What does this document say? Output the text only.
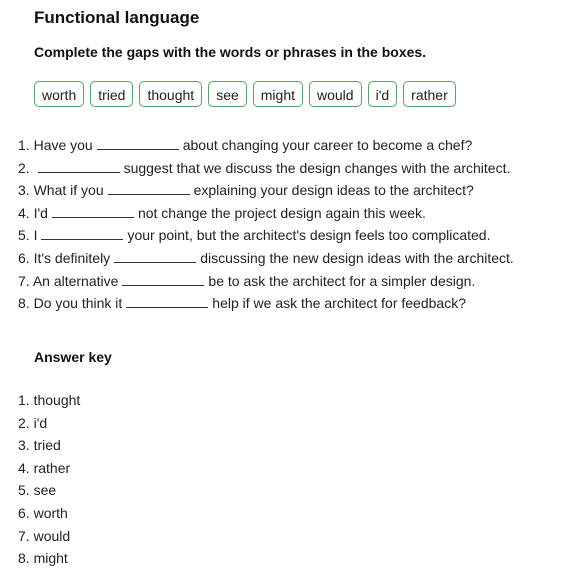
Functional language
Complete the gaps with the words or phrases in the boxes.
worth	tried	thought	see	might	would	i'd	rather
1. Have you	about changing your career to become a chef?
2.	suggest that we discuss the design changes with the architect.
3. What if you	explaining your design ideas to the architect?
4. I'd	not change the project design again this week.
5. I	your point, but the architect's design feels too complicated.
6. It's definitely	discussing the new design ideas with the architect.
7. An alternative	be to ask the architect for a simpler design.
8. Do you think it	help if we ask the architect for feedback?
Answer key
1. thought
2. i'd
3. tried
4. rather
5. see
6. worth
7. would
8. might
